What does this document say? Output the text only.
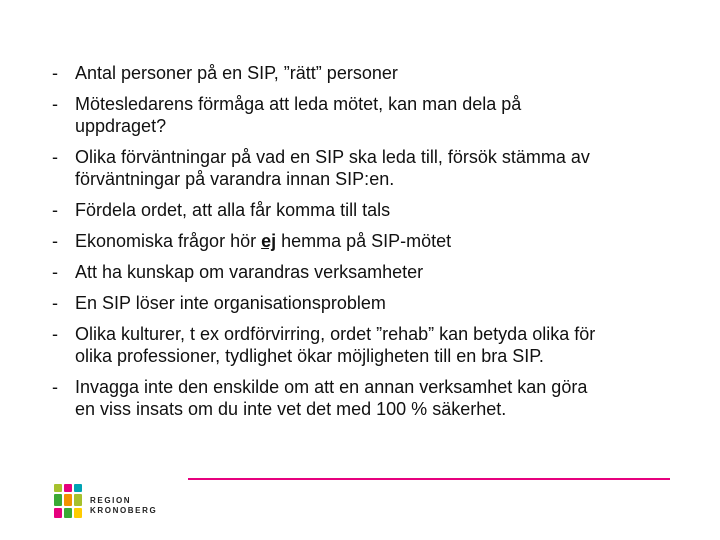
- Antal personer på en SIP, ”rätt” personer
- Mötesledarens förmåga att leda mötet, kan man dela på
uppdraget?
- Olika förväntningar på vad en SIP ska leda till, försök stämma av
förväntningar på varandra innan SIP:en.
- Fördela ordet, att alla får komma till tals
- Ekonomiska frågor hör ej hemma på SIP-mötet
- Att ha kunskap om varandras verksamheter
- En SIP löser inte organisationsproblem
- Olika kulturer, t ex ordförvirring, ordet ”rehab” kan betyda olika för
olika professioner, tydlighet ökar möjligheten till en bra SIP.
- Invagga inte den enskilde om att en annan verksamhet kan göra
en viss insats om du inte vet det med 100 % säkerhet.
REGION
KRONOBERG
